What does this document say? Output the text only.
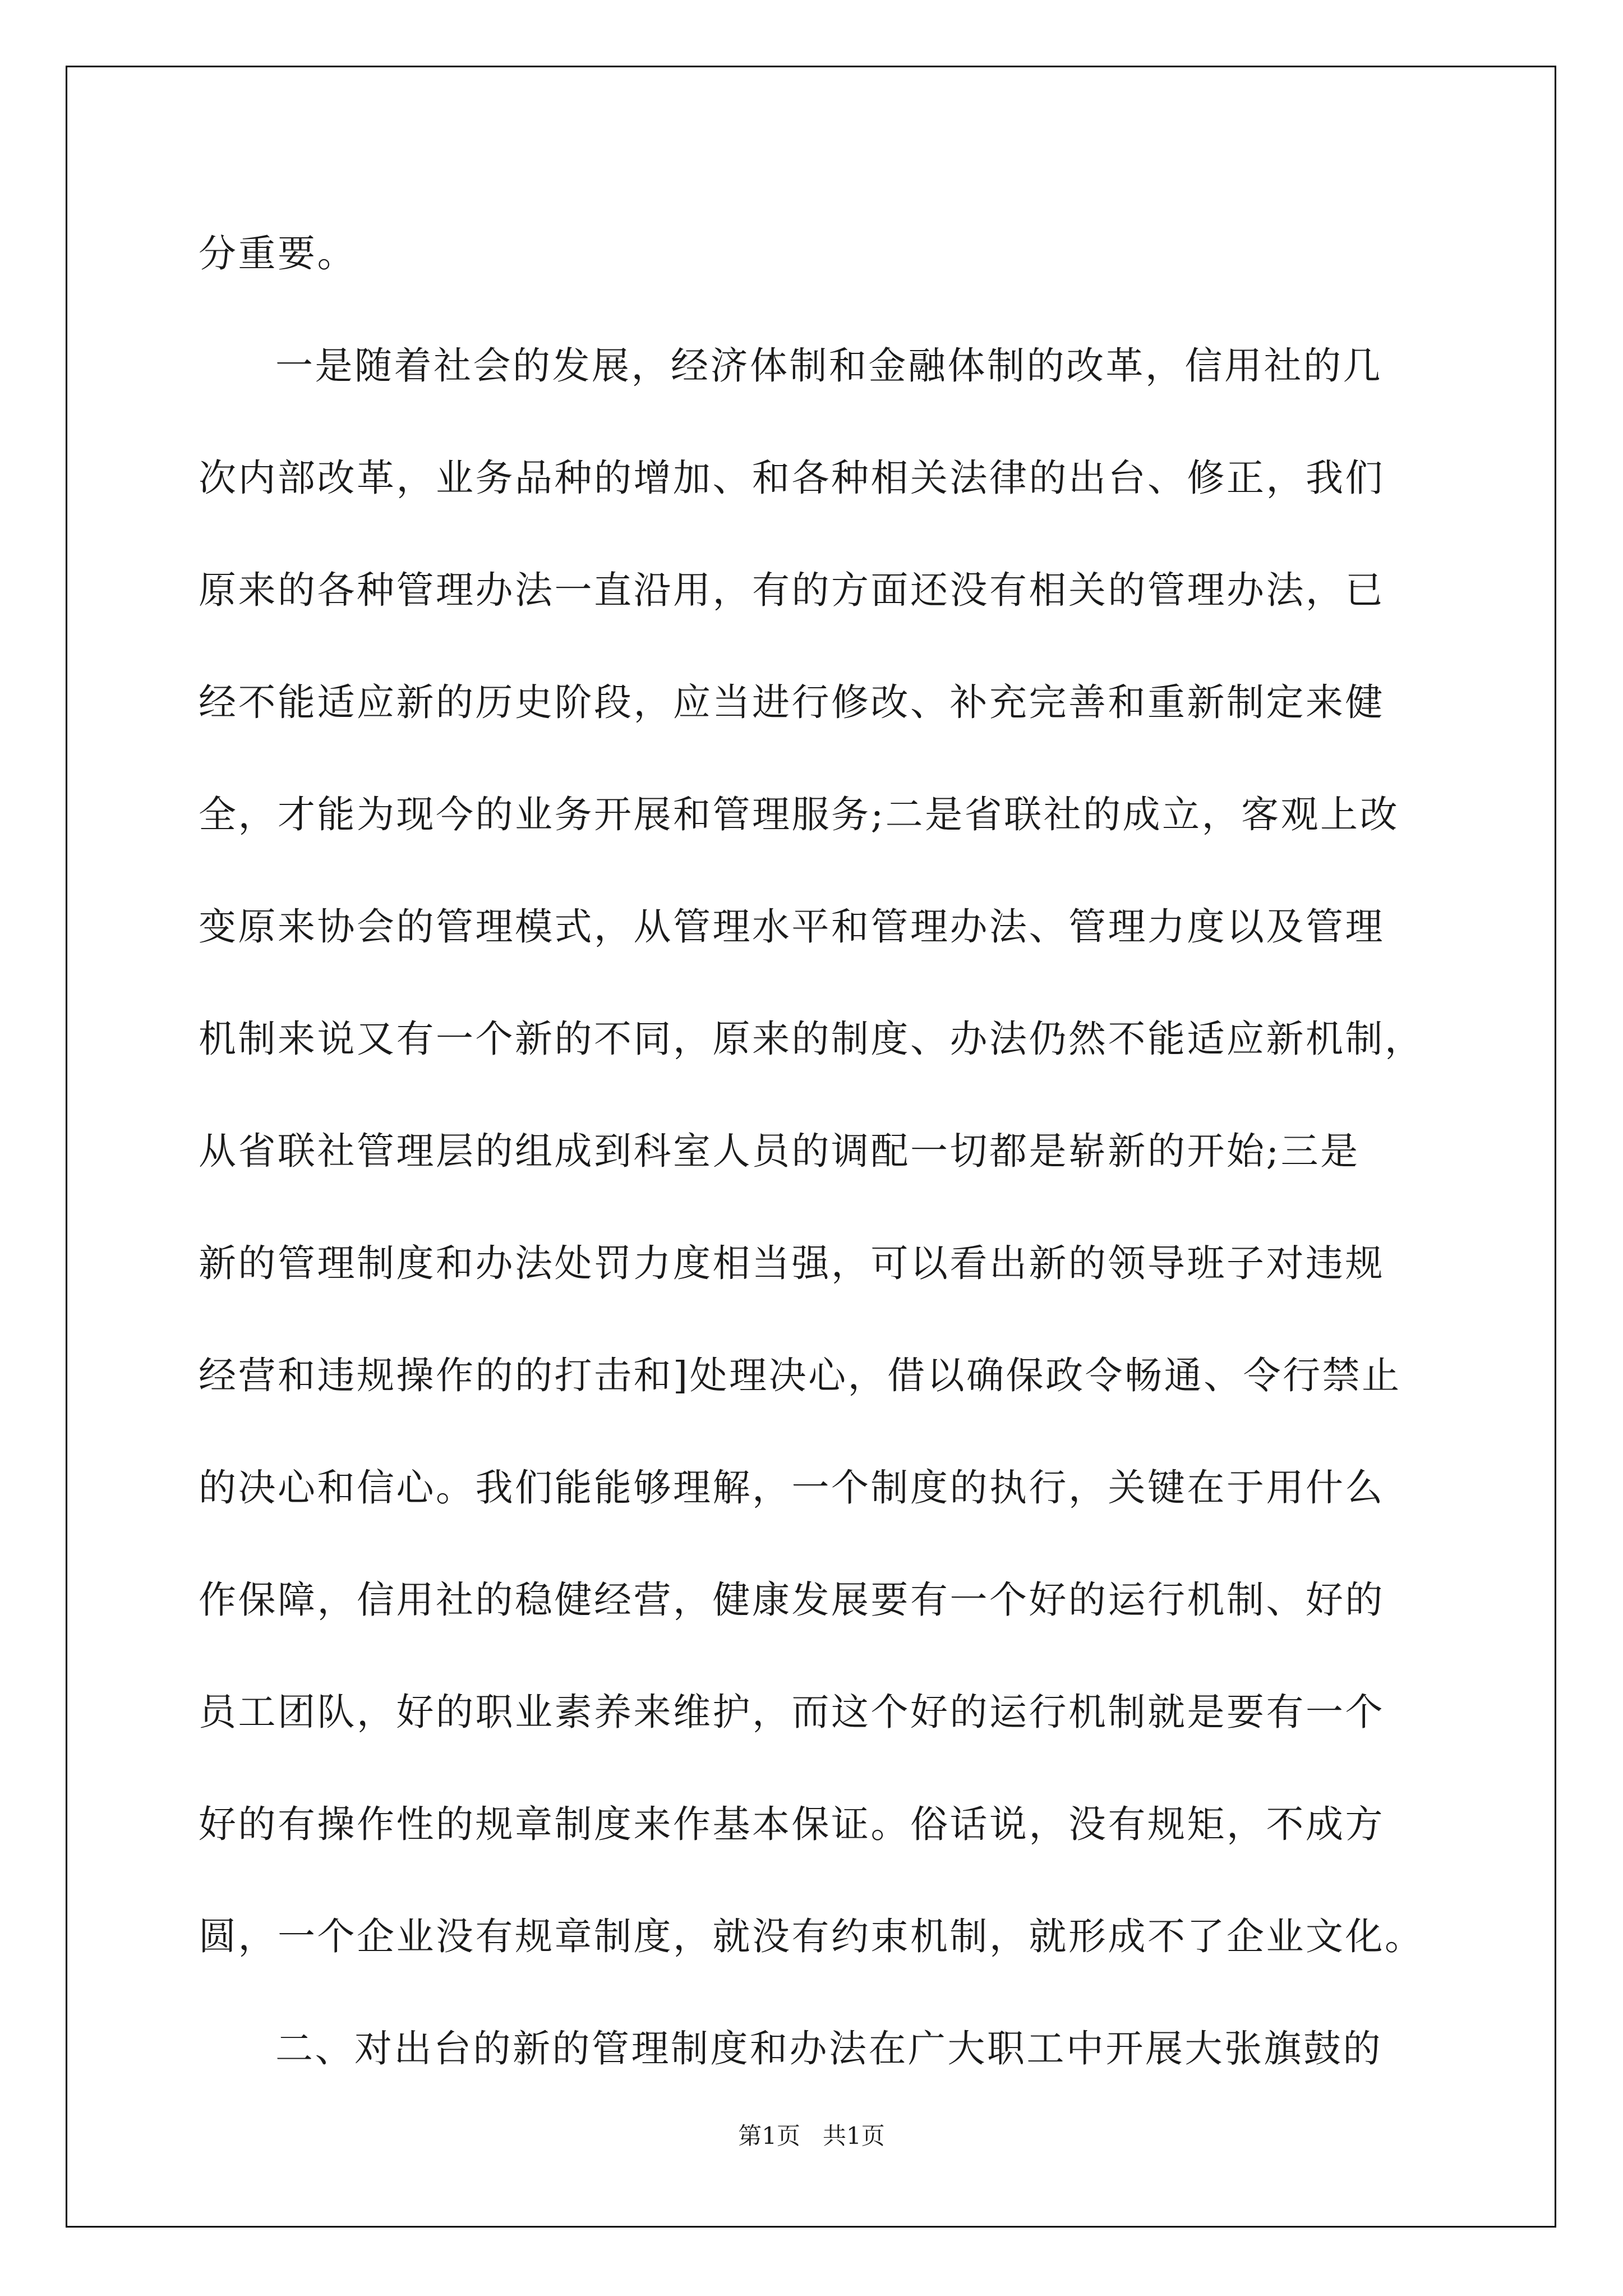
分重要。
一是随着社会的发展，经济体制和金融体制的改革，信用社的几
次内部改革，业务品种的增加、和各种相关法律的出台、修正，我们
原来的各种管理办法一直沿用，有的方面还没有相关的管理办法，已
经不能适应新的历史阶段，应当进行修改、补充完善和重新制定来健
全，才能为现今的业务开展和管理服务;二是省联社的成立，客观上改
变原来协会的管理模式，从管理水平和管理办法、管理力度以及管理
机制来说又有一个新的不同，原来的制度、办法仍然不能适应新机制，
从省联社管理层的组成到科室人员的调配一切都是崭新的开始;三是
新的管理制度和办法处罚力度相当强，可以看出新的领导班子对违规
经营和违规操作的的打击和]处理决心，借以确保政令畅通、令行禁止
的决心和信心。我们能能够理解，一个制度的执行，关键在于用什么
作保障，信用社的稳健经营，健康发展要有一个好的运行机制、好的
员工团队，好的职业素养来维护，而这个好的运行机制就是要有一个
好的有操作性的规章制度来作基本保证。俗话说，没有规矩，不成方
圆，一个企业没有规章制度，就没有约束机制，就形成不了企业文化。
二、对出台的新的管理制度和办法在广大职工中开展大张旗鼓的
第1页 共1页
